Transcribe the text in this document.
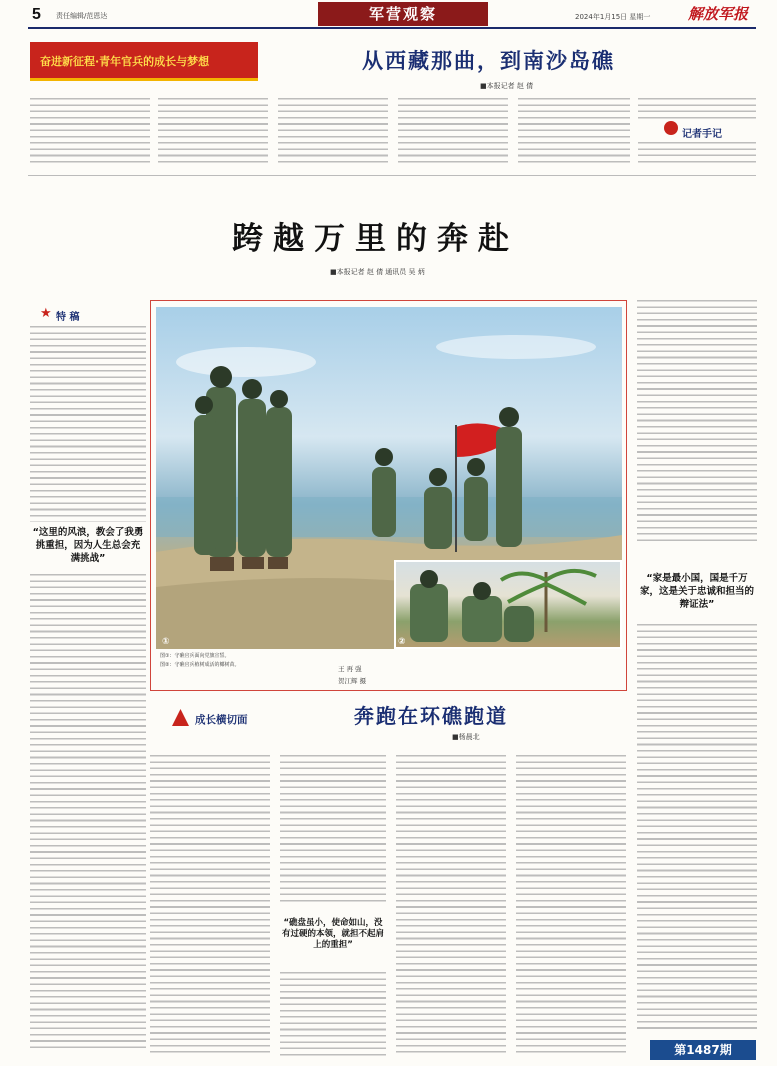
5 责任编辑/范恩达	军营观察	2024年1月15日 星期一	解放军报
奋进新征程·青年官兵的成长与梦想	从西藏那曲，到南沙岛礁
■本报记者 赵 倩
记者手记
跨越万里的奔赴
■本报记者 赵 倩 通讯员 吴 炳
★ 特 稿
“这里的风浪，教会了我勇挑重担，因为人生总会充满挑战”
①	②
图①：守礁官兵面向党旗宣誓。
图②：守礁官兵植树成活的椰树苗。	王 再 强
贺江辉 摄
“家是最小国，国是千万家，这是关于忠诚和担当的辩证法”
成长横切面	奔跑在环礁跑道
■杨晨北
“礁盘虽小，使命如山，没有过硬的本领，就担不起肩上的重担”
第1487期
